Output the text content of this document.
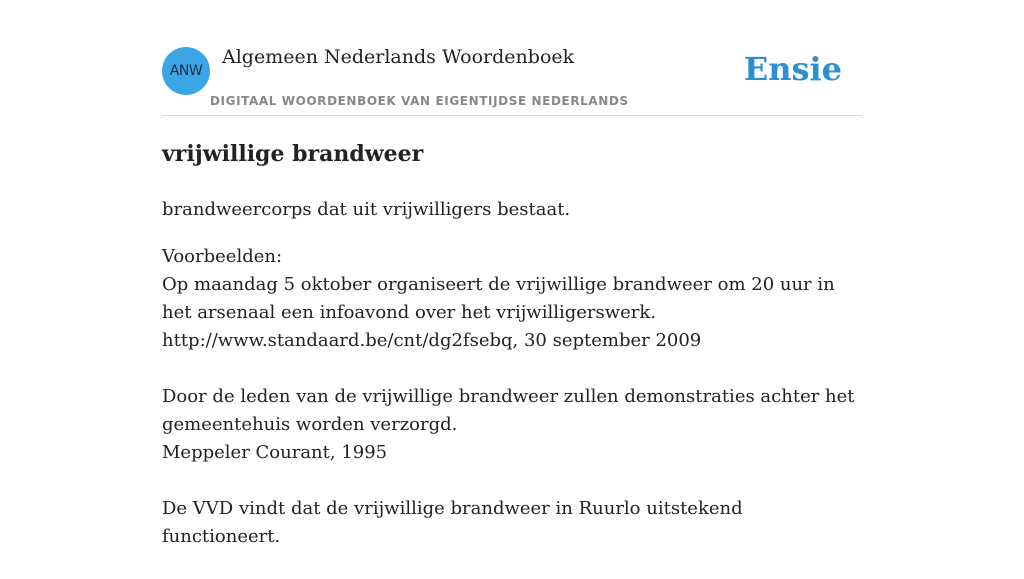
ANW
Algemeen Nederlands Woordenboek
DIGITAAL WOORDENBOEK VAN EIGENTIJDSE NEDERLANDS
Ensie
vrijwillige brandweer
brandweercorps dat uit vrijwilligers bestaat.
Voorbeelden:
Op maandag 5 oktober organiseert de vrijwillige brandweer om 20 uur in het arsenaal een infoavond over het vrijwilligerswerk.
http://www.standaard.be/cnt/dg2fsebq, 30 september 2009
Door de leden van de vrijwillige brandweer zullen demonstraties achter het gemeentehuis worden verzorgd.
Meppeler Courant, 1995
De VVD vindt dat de vrijwillige brandweer in Ruurlo uitstekend functioneert.
